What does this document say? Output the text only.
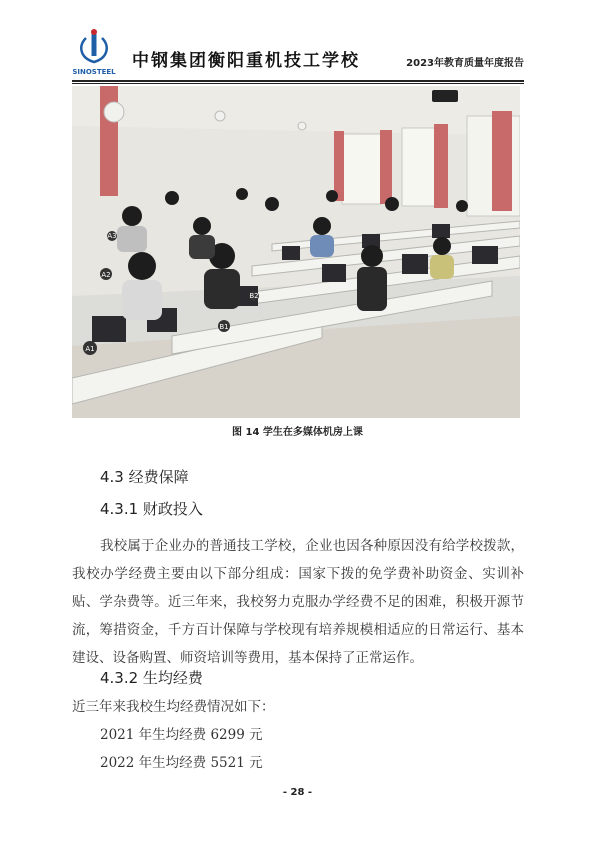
SINOSTEEL
中钢集团衡阳重机技工学校	2023年教育质量年度报告
A1
A2
A3
B1
B2
图 14 学生在多媒体机房上课
4.3 经费保障
4.3.1 财政投入
我校属于企业办的普通技工学校，企业也因各种原因没有给学校拨款，我校办学经费主要由以下部分组成：国家下拨的免学费补助资金、实训补贴、学杂费等。近三年来，我校努力克服办学经费不足的困难，积极开源节流，筹措资金，千方百计保障与学校现有培养规模相适应的日常运行、基本建设、设备购置、师资培训等费用，基本保持了正常运作。
4.3.2 生均经费
近三年来我校生均经费情况如下：
2021 年生均经费 6299 元
2022 年生均经费 5521 元
- 28 -
